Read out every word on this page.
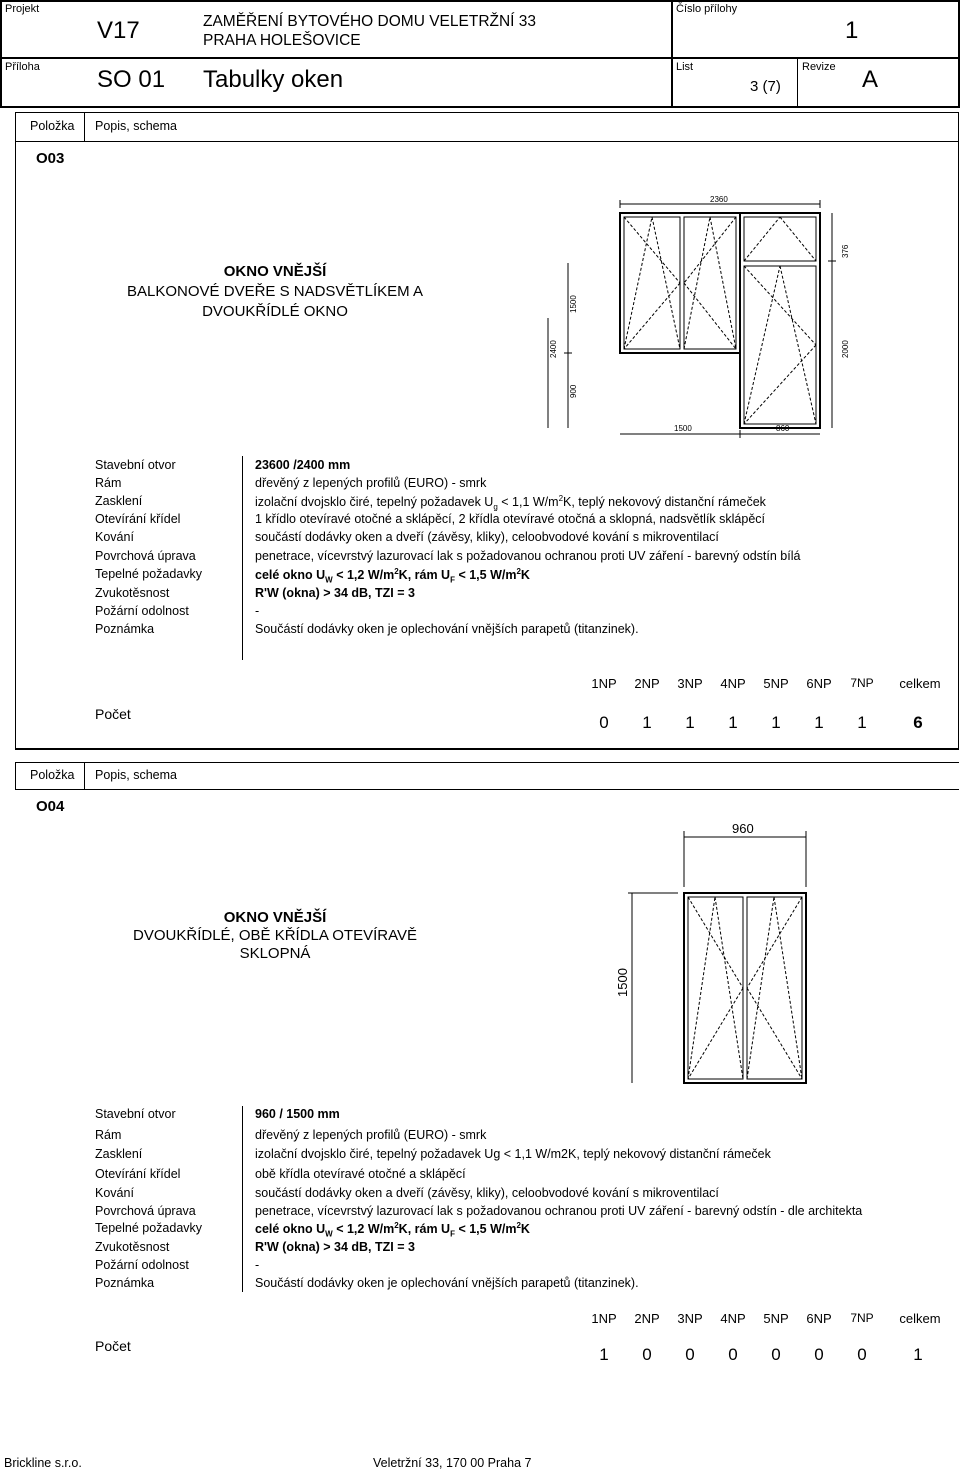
Projekt
V17	ZAMĚŘENÍ BYTOVÉHO DOMU VELETRŽNÍ 33
PRAHA HOLEŠOVICE
Číslo přílohy
1
Příloha SO 01 Tabulky oken	List
3 (7)
Revize A
Položka Popis, schema
O03
OKNO VNĚJŠÍ
BALKONOVÉ DVEŘE S NADSVĚTLÍKEM A
DVOUKŘÍDLÉ OKNO
2360
2400
1500
900
376
2000
1500	860
Stavební otvor	23600 /2400 mm
Rám	dřevěný z lepených profilů (EURO) - smrk
Zasklení	izolační dvojsklo čiré, tepelný požadavek $U_g < 1,1$ $W/m^2K$, teplý nekovový distanční rámeček
Otevírání křídel	1 křídlo otevíravé otočné a sklápěcí, 2 křídla otevíravé otočná a sklopná, nadsvětlík sklápěcí
Kování	součástí dodávky oken a dveří (závěsy, kliky), celoobvodové kování s mikroventilací
Povrchová úprava	penetrace, vícevrstvý lazurovací lak s požadovanou ochranou proti UV záření - barevný odstín bílá
Tepelné požadavky	celé okno $U_W < 1,2$ $W/m^2K$, rám $U_F < 1,5$ $W/m^2K$
Zvukotěsnost	R'W (okna) > 34 dB, TZI = 3
Požární odolnost	-
Poznámka	Součástí dodávky oken je oplechování vnějších parapetů (titanzinek).
Počet
1NP	2NP	3NP	4NP	5NP	6NP	7NP	celkem
0	1	1	1	1	1	1	6
Položka Popis, schema
O04
OKNO VNĚJŠÍ
DVOUKŘÍDLÉ, OBĚ KŘÍDLA OTEVÍRAVĚ
SKLOPNÁ
960
1500
Stavební otvor	960 / 1500 mm
Rám	dřevěný z lepených profilů (EURO) - smrk
Zasklení	izolační dvojsklo čiré, tepelný požadavek Ug < 1,1 W/m2K, teplý nekovový distanční rámeček
Otevírání křídel	obě křídla otevíravé otočné a sklápěcí
Kování	součástí dodávky oken a dveří (závěsy, kliky), celoobvodové kování s mikroventilací
Povrchová úprava	penetrace, vícevrstvý lazurovací lak s požadovanou ochranou proti UV záření - barevný odstín - dle architekta
Tepelné požadavky	celé okno $U_W < 1,2$ $W/m^2K$, rám $U_F < 1,5$ $W/m^2K$
Zvukotěsnost	R'W (okna) > 34 dB, TZI = 3
Požární odolnost	-
Poznámka	Součástí dodávky oken je oplechování vnějších parapetů (titanzinek).
Počet
1NP	2NP	3NP	4NP	5NP	6NP	7NP	celkem
1	0	0	0	0	0	0	1
Brickline s.r.o.	Veletržní 33, 170 00 Praha 7
